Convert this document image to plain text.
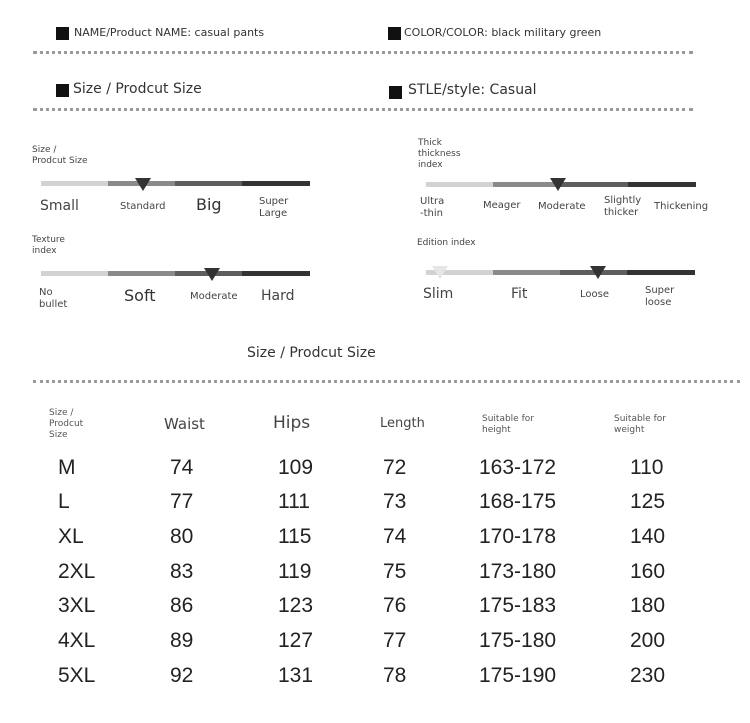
NAME/Product NAME: casual pants	COLOR/COLOR: black military green
Size / Prodcut Size	STLE/style: Casual
Size /
Prodcut Size
Small	Standard Big	Super
Large
Thick
thickness
index
Ultra
-thin
Meager Moderate
Slightly
thicker
Thickening
Texture
index
No
bullet	Soft	Moderate Hard
Edition index
Slim	Fit	Loose	Super
loose
Size / Prodcut Size
Size /
Prodcut
Size
Waist	Hips	Length	Suitable for
height
Suitable for
weight
M	74	109	72	163-172	110
L	77	111	73	168-175	125
XL	80	115	74	170-178	140
2XL	83	119	75	173-180	160
3XL	86	123	76	175-183	180
4XL	89	127	77	175-180	200
5XL	92	131	78	175-190	230
